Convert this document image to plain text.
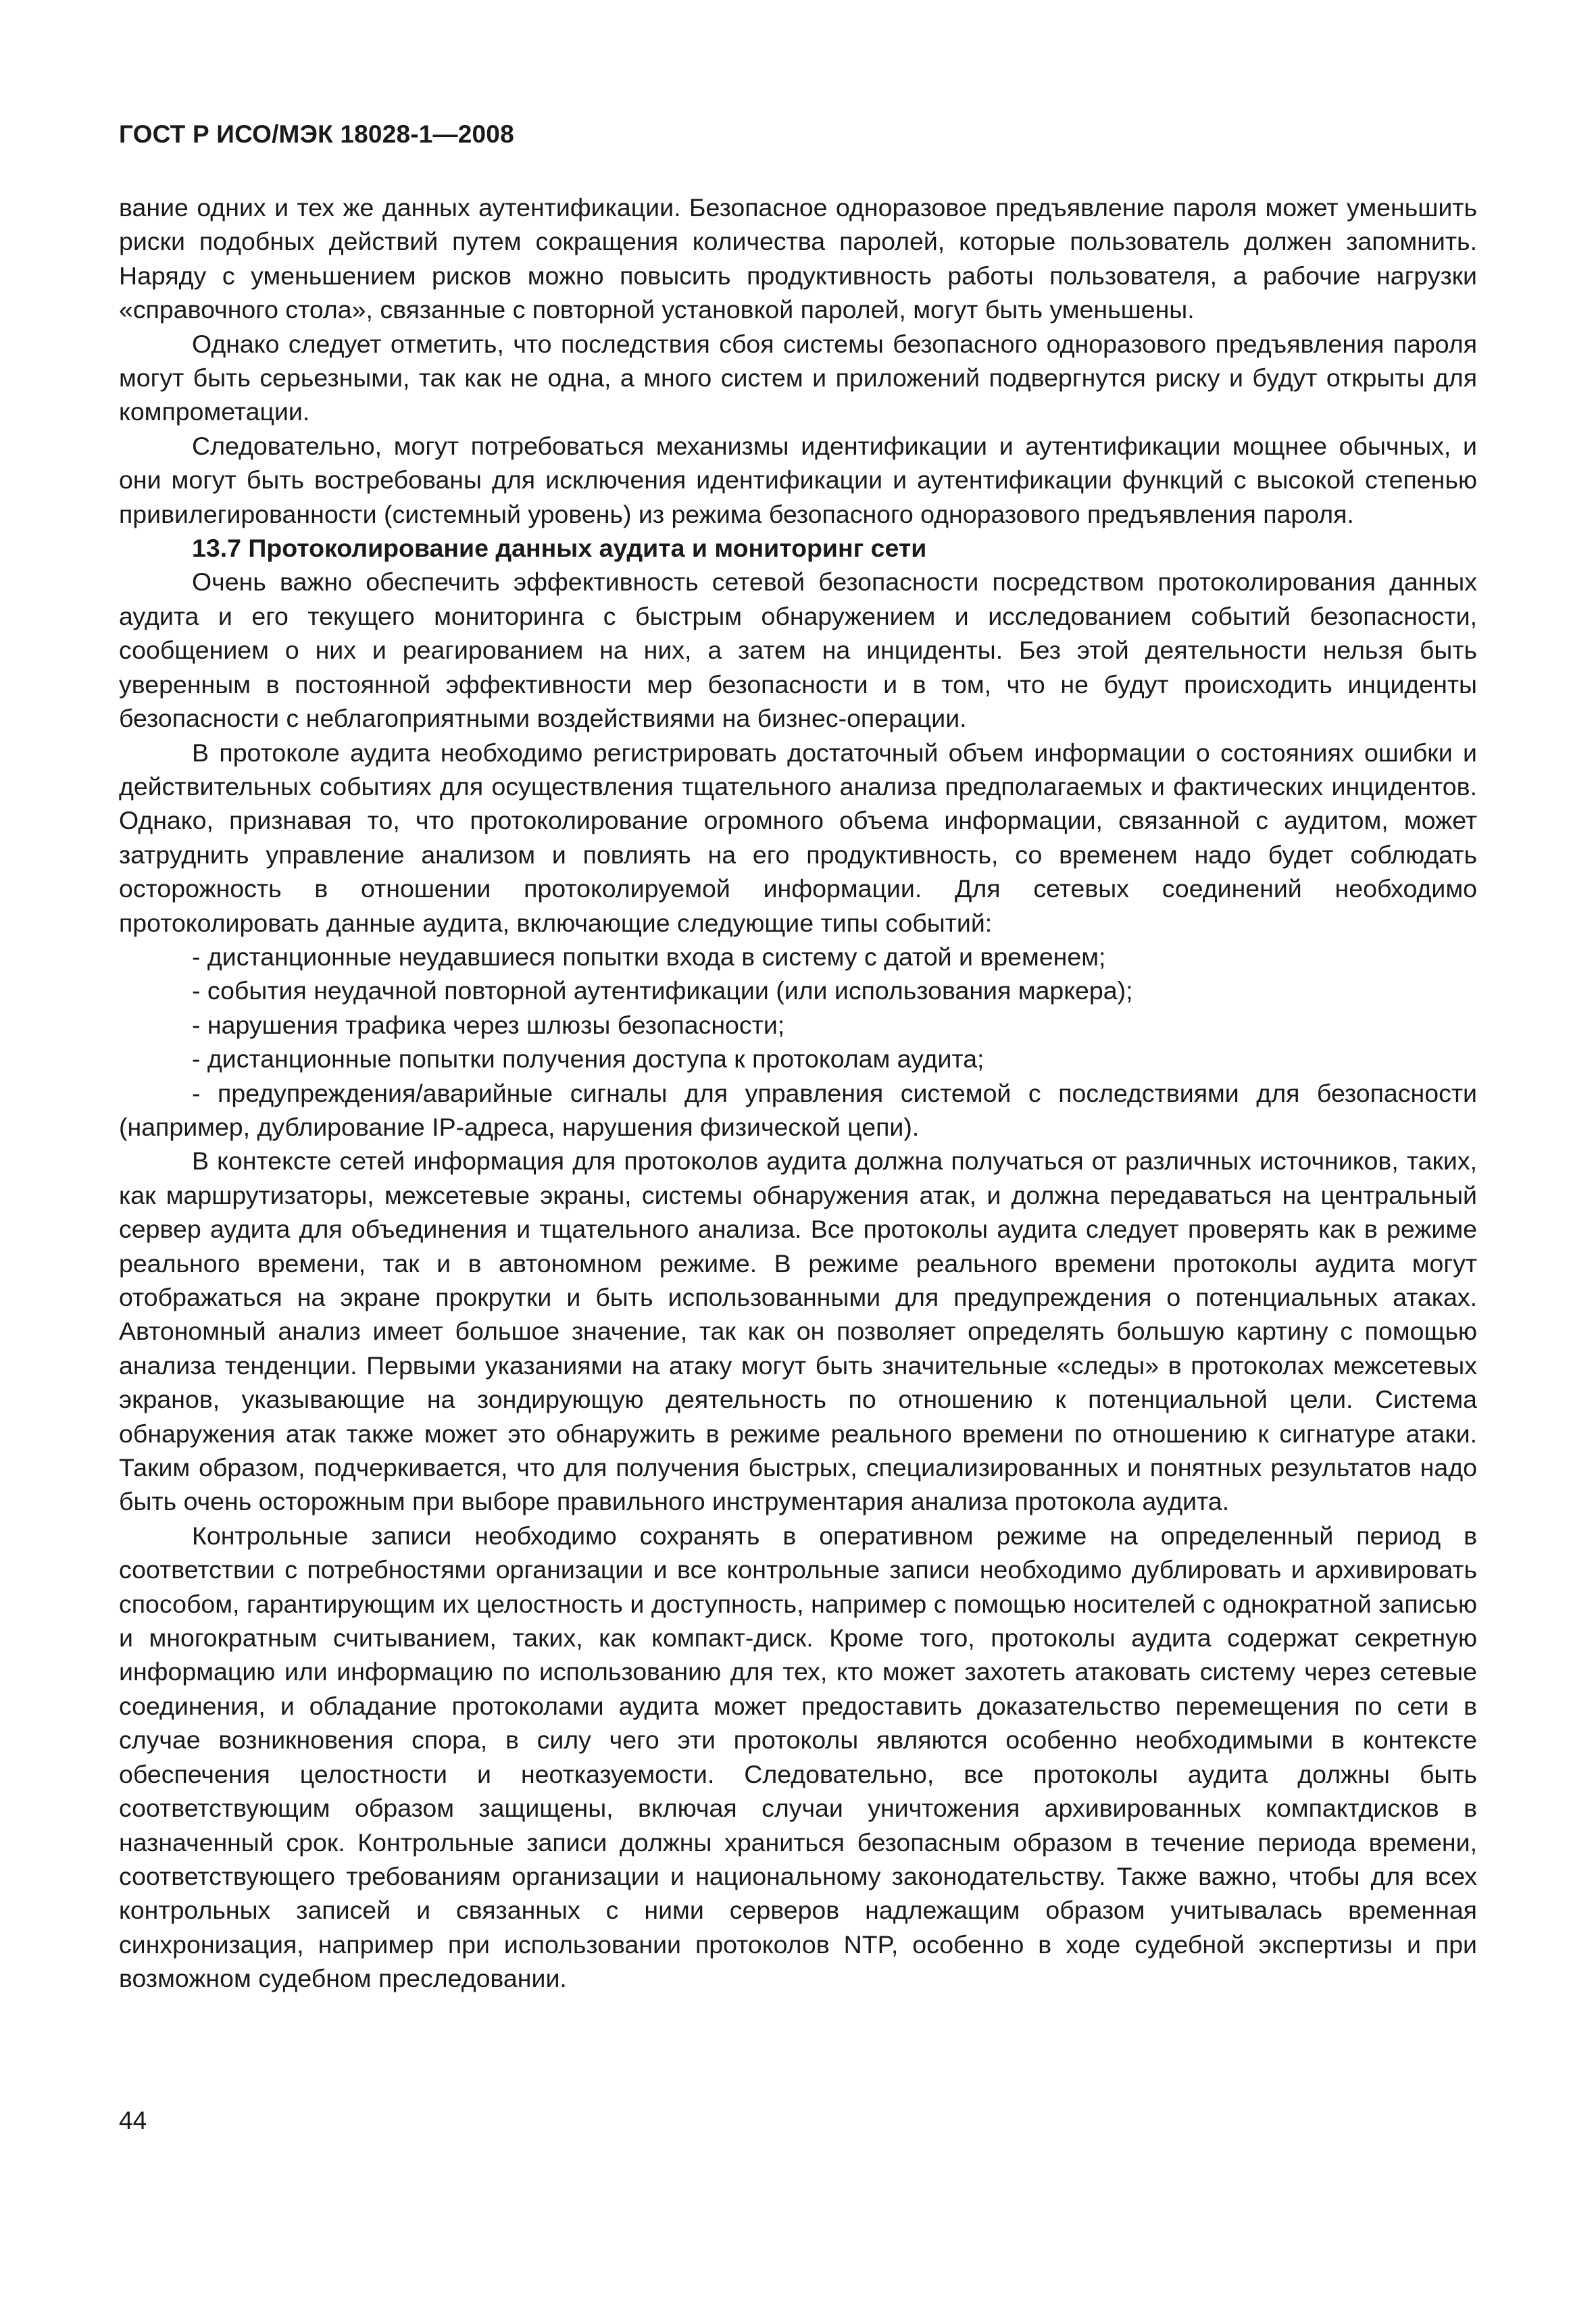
ГОСТ Р ИСО/МЭК 18028-1—2008

вание одних и тех же данных аутентификации. Безопасное одноразовое предъявление пароля может уменьшить риски подобных действий путем сокращения количества паролей, которые пользователь должен запомнить. Наряду с уменьшением рисков можно повысить продуктивность работы пользователя, а рабочие нагрузки «справочного стола», связанные с повторной установкой паролей, могут быть уменьшены.

Однако следует отметить, что последствия сбоя системы безопасного одноразового предъявления пароля могут быть серьезными, так как не одна, а много систем и приложений подвергнутся риску и будут открыты для компрометации.

Следовательно, могут потребоваться механизмы идентификации и аутентификации мощнее обычных, и они могут быть востребованы для исключения идентификации и аутентификации функций с высокой степенью привилегированности (системный уровень) из режима безопасного одноразового предъявления пароля.

13.7 Протоколирование данных аудита и мониторинг сети

Очень важно обеспечить эффективность сетевой безопасности посредством протоколирования данных аудита и его текущего мониторинга с быстрым обнаружением и исследованием событий безопасности, сообщением о них и реагированием на них, а затем на инциденты. Без этой деятельности нельзя быть уверенным в постоянной эффективности мер безопасности и в том, что не будут происходить инциденты безопасности с неблагоприятными воздействиями на бизнес-операции.

В протоколе аудита необходимо регистрировать достаточный объем информации о состояниях ошибки и действительных событиях для осуществления тщательного анализа предполагаемых и фактических инцидентов. Однако, признавая то, что протоколирование огромного объема информации, связанной с аудитом, может затруднить управление анализом и повлиять на его продуктивность, со временем надо будет соблюдать осторожность в отношении протоколируемой информации. Для сетевых соединений необходимо протоколировать данные аудита, включающие следующие типы событий:

- дистанционные неудавшиеся попытки входа в систему с датой и временем;

- события неудачной повторной аутентификации (или использования маркера);

- нарушения трафика через шлюзы безопасности;

- дистанционные попытки получения доступа к протоколам аудита;

- предупреждения/аварийные сигналы для управления системой с последствиями для безопасности (например, дублирование IP-адреса, нарушения физической цепи).

В контексте сетей информация для протоколов аудита должна получаться от различных источников, таких, как маршрутизаторы, межсетевые экраны, системы обнаружения атак, и должна передаваться на центральный сервер аудита для объединения и тщательного анализа. Все протоколы аудита следует проверять как в режиме реального времени, так и в автономном режиме. В режиме реального времени протоколы аудита могут отображаться на экране прокрутки и быть использованными для предупреждения о потенциальных атаках. Автономный анализ имеет большое значение, так как он позволяет определять большую картину с помощью анализа тенденции. Первыми указаниями на атаку могут быть значительные «следы» в протоколах межсетевых экранов, указывающие на зондирующую деятельность по отношению к потенциальной цели. Система обнаружения атак также может это обнаружить в режиме реального времени по отношению к сигнатуре атаки. Таким образом, подчеркивается, что для получения быстрых, специализированных и понятных результатов надо быть очень осторожным при выборе правильного инструментария анализа протокола аудита.

Контрольные записи необходимо сохранять в оперативном режиме на определенный период в соответствии с потребностями организации и все контрольные записи необходимо дублировать и архивировать способом, гарантирующим их целостность и доступность, например с помощью носителей с однократной записью и многократным считыванием, таких, как компакт-диск. Кроме того, протоколы аудита содержат секретную информацию или информацию по использованию для тех, кто может захотеть атаковать систему через сетевые соединения, и обладание протоколами аудита может предоставить доказательство перемещения по сети в случае возникновения спора, в силу чего эти протоколы являются особенно необходимыми в контексте обеспечения целостности и неотказуемости. Следовательно, все протоколы аудита должны быть соответствующим образом защищены, включая случаи уничтожения архивированных компактдисков в назначенный срок. Контрольные записи должны храниться безопасным образом в течение периода времени, соответствующего требованиям организации и национальному законодательству. Также важно, чтобы для всех контрольных записей и связанных с ними серверов надлежащим образом учитывалась временная синхронизация, например при использовании протоколов NTP, особенно в ходе судебной экспертизы и при возможном судебном преследовании.

44
